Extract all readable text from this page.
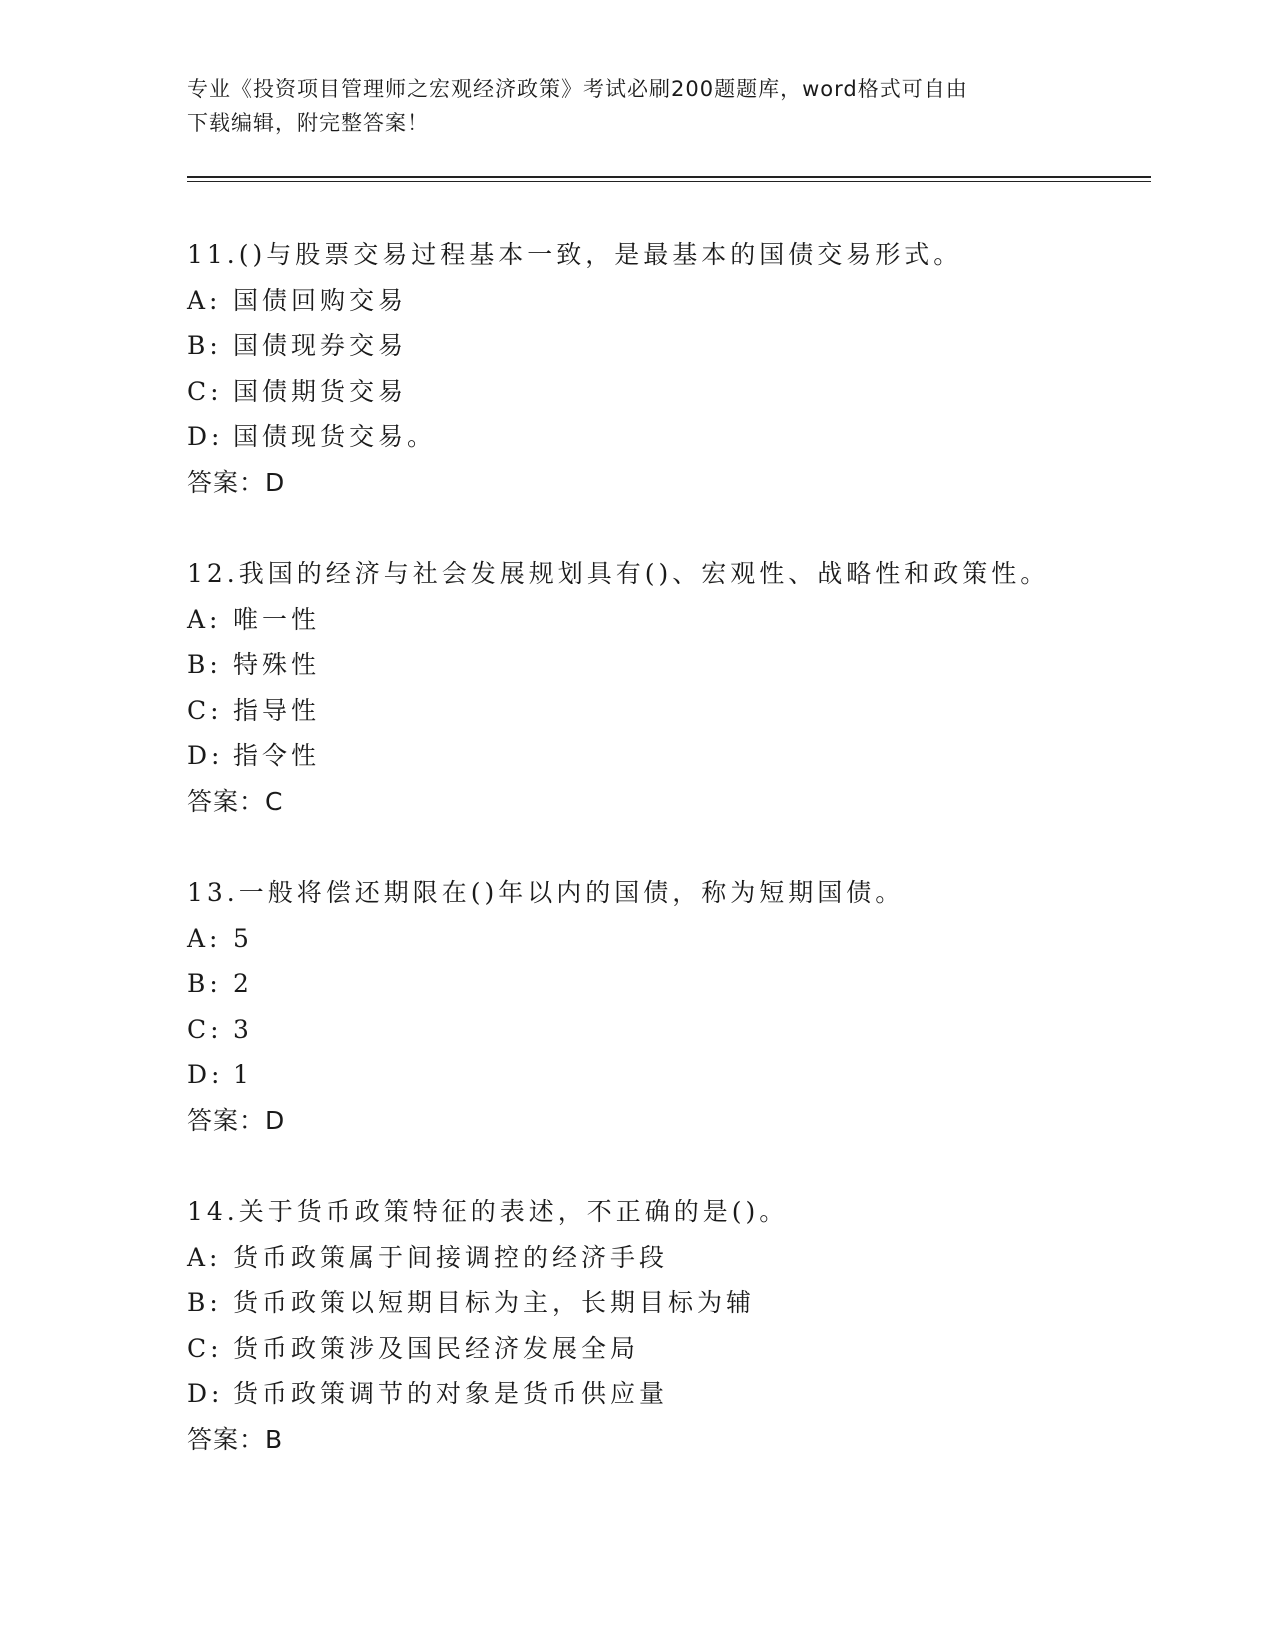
专业《投资项目管理师之宏观经济政策》考试必刷200题题库，word格式可自由
下载编辑，附完整答案！
11.()与股票交易过程基本一致，是最基本的国债交易形式。
A: 国债回购交易
B: 国债现券交易
C: 国债期货交易
D: 国债现货交易。
答案：D
12.我国的经济与社会发展规划具有()、宏观性、战略性和政策性。
A: 唯一性
B: 特殊性
C: 指导性
D: 指令性
答案：C
13.一般将偿还期限在()年以内的国债，称为短期国债。
A: 5
B: 2
C: 3
D: 1
答案：D
14.关于货币政策特征的表述，不正确的是()。
A: 货币政策属于间接调控的经济手段
B: 货币政策以短期目标为主，长期目标为辅
C: 货币政策涉及国民经济发展全局
D: 货币政策调节的对象是货币供应量
答案：B
